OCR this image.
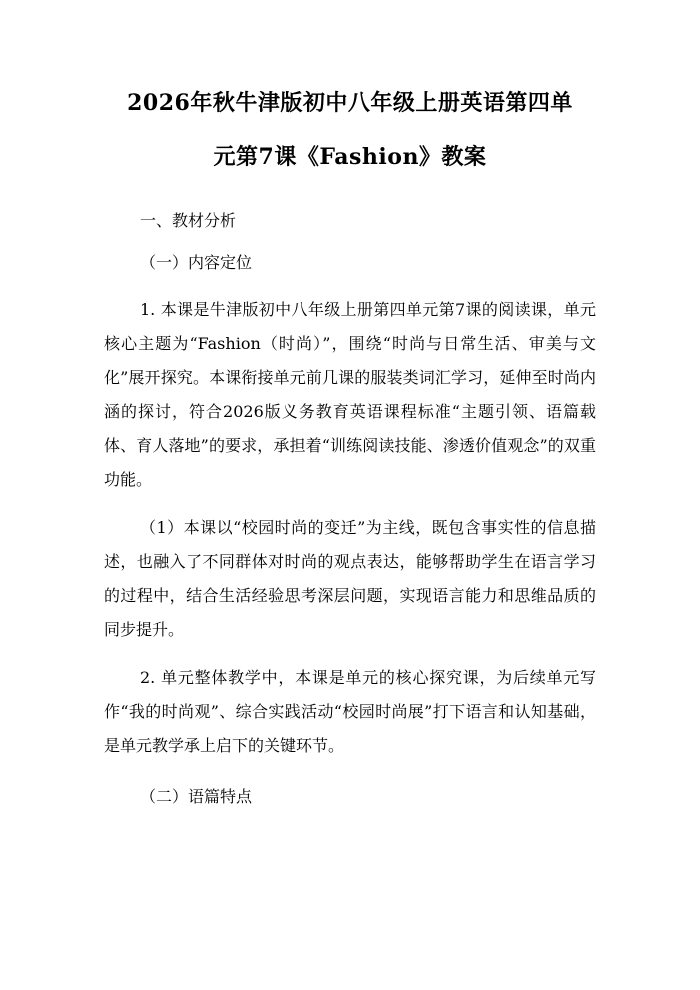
2026年秋牛津版初中八年级上册英语第四单
元第7课《Fashion》教案

一、教材分析

（一）内容定位

1. 本课是牛津版初中八年级上册第四单元第7课的阅读课，单元核心主题为“Fashion（时尚）”，围绕“时尚与日常生活、审美与文化”展开探究。本课衔接单元前几课的服装类词汇学习，延伸至时尚内涵的探讨，符合2026版义务教育英语课程标准“主题引领、语篇载体、育人落地”的要求，承担着“训练阅读技能、渗透价值观念”的双重功能。

（1）本课以“校园时尚的变迁”为主线，既包含事实性的信息描述，也融入了不同群体对时尚的观点表达，能够帮助学生在语言学习的过程中，结合生活经验思考深层问题，实现语言能力和思维品质的同步提升。

2. 单元整体教学中，本课是单元的核心探究课，为后续单元写作“我的时尚观”、综合实践活动“校园时尚展”打下语言和认知基础，是单元教学承上启下的关键环节。

（二）语篇特点
